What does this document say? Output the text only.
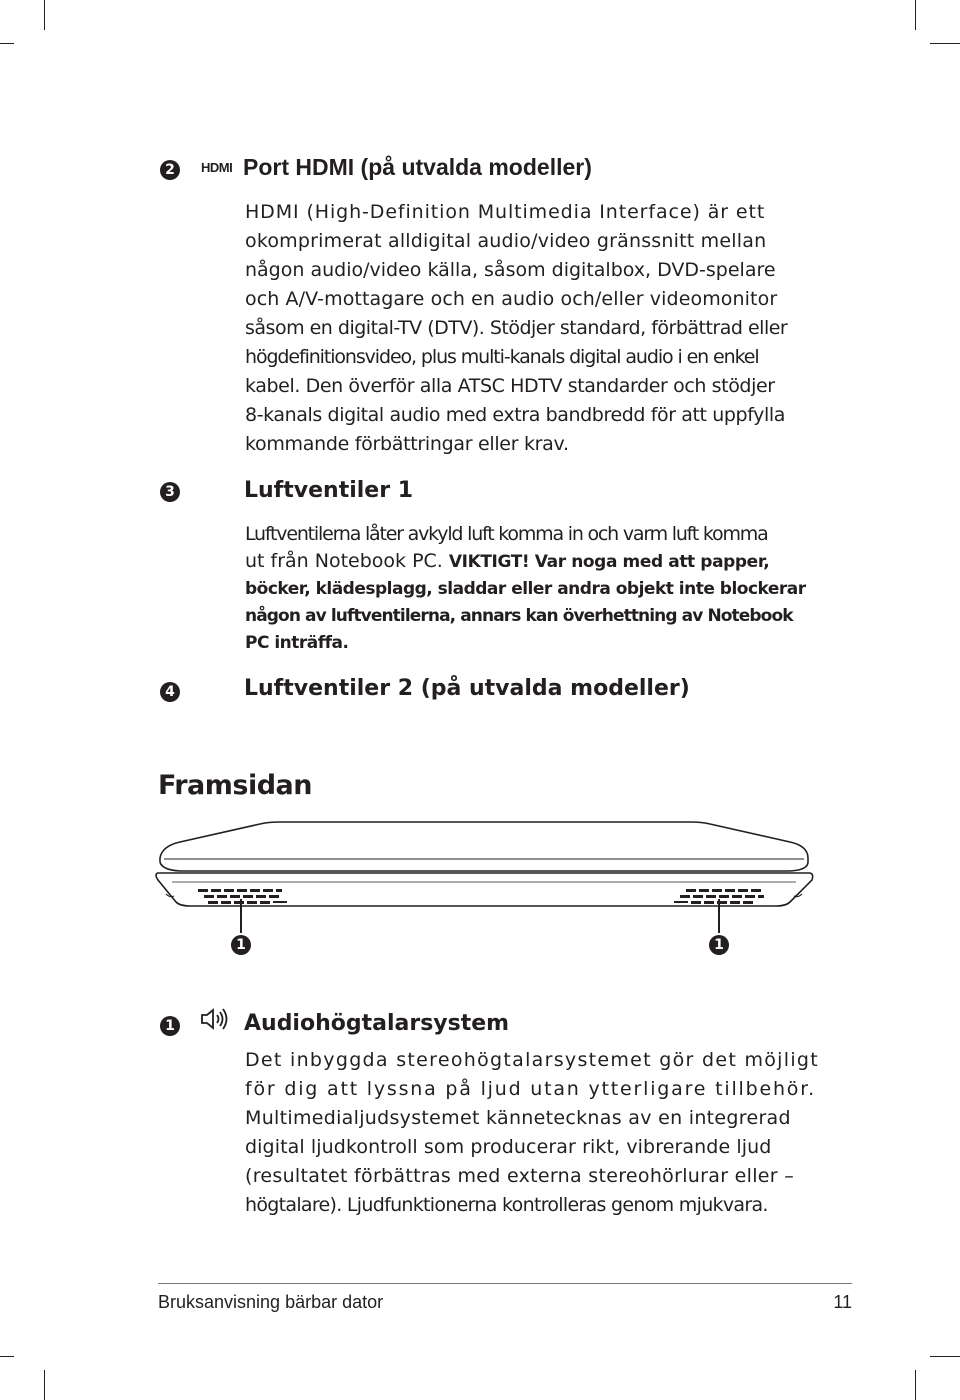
2	HDMI Port HDMI (på utvalda modeller)
HDMI (High-Definition Multimedia Interface) är ett
okomprimerat alldigital audio/video gränssnitt mellan
någon audio/video källa, såsom digitalbox, DVD-spelare
och A/V-mottagare och en audio och/eller videomonitor
såsom en digital-TV (DTV). Stödjer standard, förbättrad eller
högdefinitionsvideo, plus multi-kanals digital audio i en enkel
kabel. Den överför alla ATSC HDTV standarder och stödjer
8-kanals digital audio med extra bandbredd för att uppfylla
kommande förbättringar eller krav.
3	Luftventiler 1
Luftventilerna låter avkyld luft komma in och varm luft komma
ut från Notebook PC. VIKTIGT! Var noga med att papper,
böcker, klädesplagg, sladdar eller andra objekt inte blockerar
någon av luftventilerna, annars kan överhettning av Notebook
PC inträffa.
4	Luftventiler 2 (på utvalda modeller)
Framsidan
1	1
1	Audiohögtalarsystem
Det inbyggda stereohögtalarsystemet gör det möjligt
för dig att lyssna på ljud utan ytterligare tillbehör.
Multimedialjudsystemet kännetecknas av en integrerad
digital ljudkontroll som producerar rikt, vibrerande ljud
(resultatet förbättras med externa stereohörlurar eller –
högtalare). Ljudfunktionerna kontrolleras genom mjukvara.
Bruksanvisning bärbar dator	11
